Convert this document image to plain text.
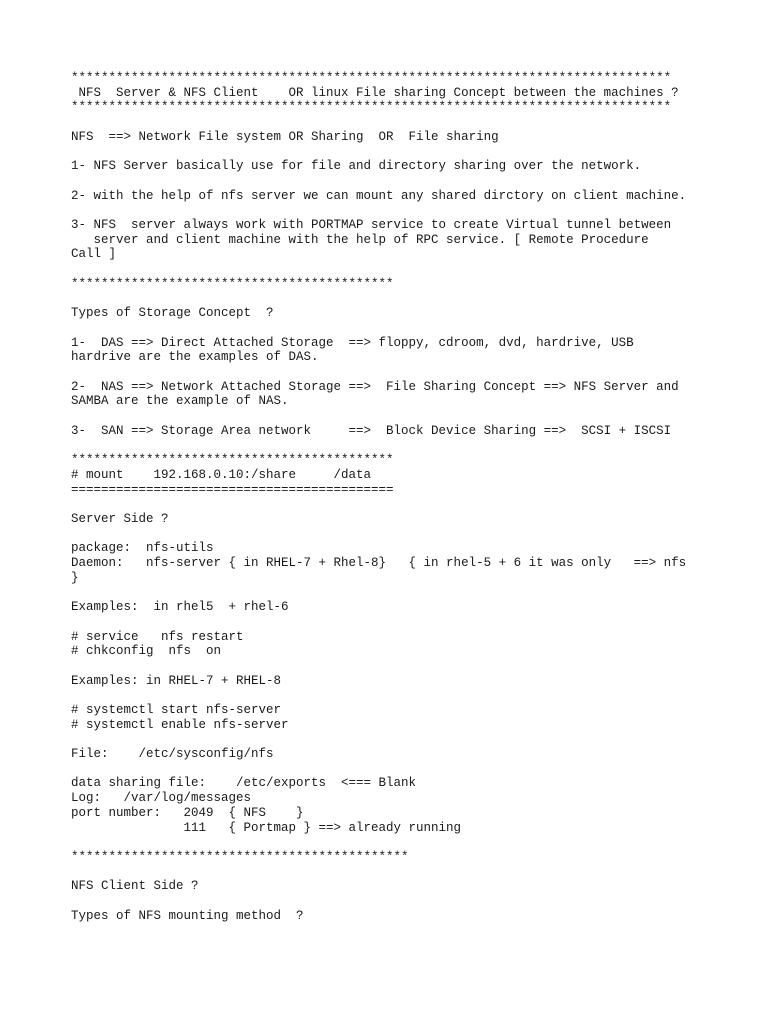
********************************************************************************
NFS  Server & NFS Client    OR linux File sharing Concept between the machines ?
********************************************************************************
NFS  ==> Network File system OR Sharing  OR  File sharing
1- NFS Server basically use for file and directory sharing over the network.
2- with the help of nfs server we can mount any shared dirctory on client machine.
3- NFS  server always work with PORTMAP service to create Virtual tunnel between
server and client machine with the help of RPC service. [ Remote Procedure
Call ]
*******************************************
Types of Storage Concept  ?
1-  DAS ==> Direct Attached Storage  ==> floppy, cdroom, dvd, hardrive, USB
hardrive are the examples of DAS.
2-  NAS ==> Network Attached Storage ==>  File Sharing Concept ==> NFS Server and
SAMBA are the example of NAS.
3-  SAN ==> Storage Area network     ==>  Block Device Sharing ==>  SCSI + ISCSI
*******************************************
# mount    192.168.0.10:/share     /data
===========================================
Server Side ?
package:  nfs-utils
Daemon:   nfs-server { in RHEL-7 + Rhel-8}   { in rhel-5 + 6 it was only   ==> nfs
}
Examples:  in rhel5  + rhel-6
# service   nfs restart
# chkconfig  nfs  on
Examples: in RHEL-7 + RHEL-8
# systemctl start nfs-server
# systemctl enable nfs-server
File:    /etc/sysconfig/nfs
data sharing file:    /etc/exports  <=== Blank
Log:   /var/log/messages
port number:   2049  { NFS    }
111   { Portmap } ==> already running
*********************************************
NFS Client Side ?
Types of NFS mounting method  ?
